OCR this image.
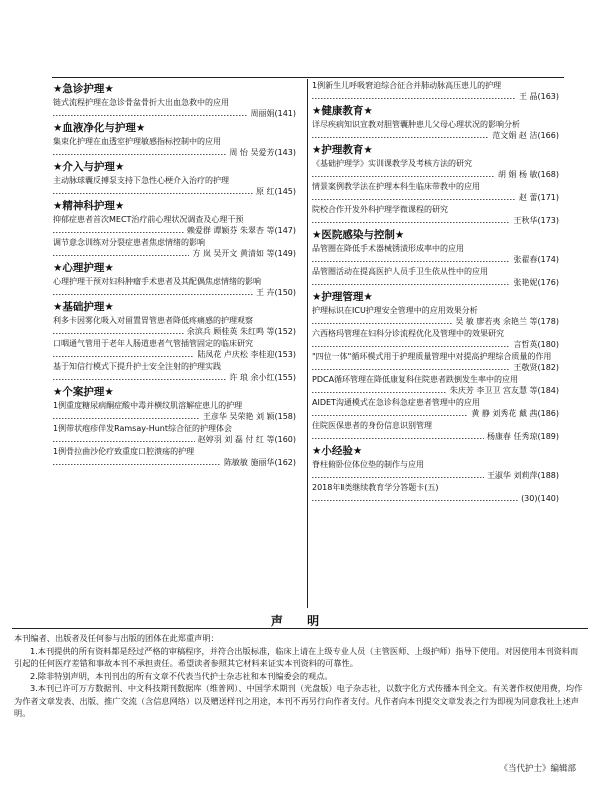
★急诊护理★
链式流程护理在急诊骨盆骨折大出血急救中的应用
周丽娟(141)
★血液净化与护理★
集束化护理在血透室护理敏感指标控制中的应用
周 怡 吴爱芳(143)
★介入与护理★
主动脉球囊反搏泵支持下急性心梗介入治疗的护理
原 红(145)
★精神科护理★
抑郁症患者首次MECT治疗前心理状况调查及心理干预
赖爱群 谭颖芬 朱翠杏 等(147)
调节意念训练对分裂症患者焦虑情绪的影响
方 岚 吴开文 黄清如 等(149)
★心理护理★
心理护理干预对妇科肿瘤手术患者及其配偶焦虑情绪的影响
王 卉(150)
★基础护理★
利多卡因雾化吸入对留置胃管患者降低疼痛感的护理观察
余滨兵 顾桂英 朱红鸣 等(152)
口咽通气管用于老年人肠道患者气管插管固定的临床研究
陆凤花 卢庆松 李桂迎(153)
基于知信行模式下提升护士安全注射的护理实践
许 琅 余小红(155)
★个案护理★
1例重度糖尿病酮症酸中毒并横纹肌溶解症患儿的护理
王彦华 吴荣艳 刘 颖(158)
1例带状疱疹伴发Ramsay-Hunt综合征的护理体会
赵婷羽 刘 磊 付 红 等(160)
1例骨拉曲沙伦疗致重度口腔溃疡的护理
陈敏敏 施丽华(162)
1例新生儿呼吸窘迫综合征合并肺动脉高压患儿的护理
王 晶(163)
★健康教育★
详尽疾病知识宣教对胆管囊肿患儿父母心理状况的影响分析
范文娟 赵 洁(166)
★护理教育★
《基础护理学》实训课教学及考核方法的研究
胡 娟 杨 敏(168)
情景案例教学法在护理本科生临床带教中的应用
赵 蕾(171)
院校合作开发外科护理学微课程的研究
王秋华(173)
★医院感染与控制★
品管圈在降低手术器械锈渍形成率中的应用
张翟春(174)
品管圈活动在提高医护人员手卫生依从性中的应用
张艳妮(176)
★护理管理★
护理标识在ICU护理安全管理中的应用效果分析
吴 敏 廖若夷 余艳兰 等(178)
六西格玛管理在妇科分诊流程优化及管理中的效果研究
言哲英(180)
"四位一体"循环模式用于护理质量管理中对提高护理综合质量的作用
王敬贤(182)
PDCA循环管理在降低康复科住院患者跌倒发生率中的应用
朱庆芳 李卫卫 宫友慧 等(184)
AIDET沟通模式在急诊科急症患者管理中的应用
黄 静 刘秀花 戴 茜(186)
住院医保患者的身份信息识别管理
杨康春 任秀琼(189)
★小经验★
脊柱俯卧位体位垫的制作与应用
王淑华 刘莉萍(188)
2018年Ⅱ类继续教育学分答题卡(五)
(30)(140)
声 明

本刊编者、出版者及任何参与出版的团体在此郑重声明：

1.本刊提供的所有资料都是经过严格的审稿程序，并符合出版标准，临床上请在上级专业人员（主管医师、上级护师）指导下使用。对因使用本刊资料而引起的任何医疗差错和事故本刊不承担责任。希望读者参照其它材料来证实本刊资料的可靠性。

2.除非特别声明，本刊刊出的所有文章不代表当代护士杂志社和本刊编委会的观点。

3.本刊已许可万方数据刊、中文科技期刊数据库（维普网）、中国学术期刊（光盘版）电子杂志社，以数字化方式传播本刊全文。有关著作权使用费，均作为作者文章发表、出版、推广交流（含信息网络）以及赠送样刊之用途，本刊不再另行向作者支付。凡作者向本刊提交文章发表之行为即视为同意我社上述声明。

《当代护士》编辑部
